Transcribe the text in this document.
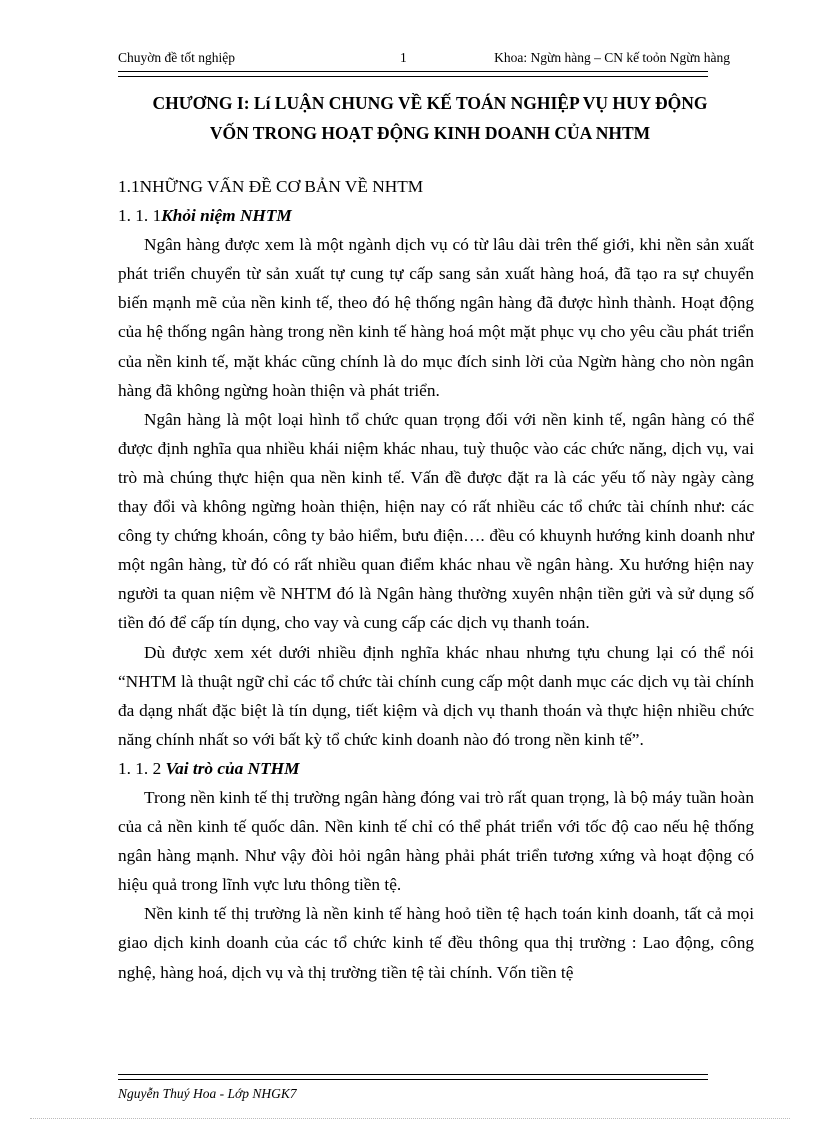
Chuyờn đề tốt nghiệp	1	Khoa: Ngừn hàng – CN kế toỏn Ngừn hàng
CHƯƠNG I: Lí LUẬN CHUNG VỀ KẾ TOÁN NGHIỆP VỤ HUY ĐỘNG
VỐN TRONG HOẠT ĐỘNG KINH DOANH CỦA NHTM

1.1NHỮNG VẤN ĐỀ CƠ BẢN VỀ NHTM

1. 1. 1Khỏi niệm NHTM

Ngân hàng được xem là một ngành dịch vụ có từ lâu dài trên thế giới, khi nền sản xuất phát triển chuyển từ sản xuất tự cung tự cấp sang sản xuất hàng hoá, đã tạo ra sự chuyển biến mạnh mẽ của nền kinh tế, theo đó hệ thống ngân hàng đã được hình thành. Hoạt động của hệ thống ngân hàng trong nền kinh tế hàng hoá một mặt phục vụ cho yêu cầu phát triển của nền kinh tế, mặt khác cũng chính là do mục đích sinh lời của Ngừn hàng cho nòn ngân hàng đã không ngừng hoàn thiện và phát triển.

Ngân hàng là một loại hình tổ chức quan trọng đối với nền kinh tế, ngân hàng có thể được định nghĩa qua nhiều khái niệm khác nhau, tuỳ thuộc vào các chức năng, dịch vụ, vai trò mà chúng thực hiện qua nền kinh tế. Vấn đề được đặt ra là các yếu tố này ngày càng thay đổi và không ngừng hoàn thiện, hiện nay có rất nhiều các tổ chức tài chính như: các công ty chứng khoán, công ty bảo hiểm, bưu điện…. đều có khuynh hướng kinh doanh như một ngân hàng, từ đó có rất nhiều quan điểm khác nhau về ngân hàng. Xu hướng hiện nay người ta quan niệm về NHTM đó là Ngân hàng thường xuyên nhận tiền gửi và sử dụng số tiền đó để cấp tín dụng, cho vay và cung cấp các dịch vụ thanh toán.

Dù được xem xét dưới nhiều định nghĩa khác nhau nhưng tựu chung lại có thể nói “NHTM là thuật ngữ chỉ các tổ chức tài chính cung cấp một danh mục các dịch vụ tài chính đa dạng nhất đặc biệt là tín dụng, tiết kiệm và dịch vụ thanh thoán và thực hiện nhiều chức năng chính nhất so với bất kỳ tổ chức kinh doanh nào đó trong nền kinh tế”.

1. 1. 2 Vai trò của NTHM

Trong nền kinh tế thị trường ngân hàng đóng vai trò rất quan trọng, là bộ máy tuần hoàn của cả nền kinh tế quốc dân. Nền kinh tế chỉ có thể phát triển với tốc độ cao nếu hệ thống ngân hàng mạnh. Như vậy đòi hỏi ngân hàng phải phát triển tương xứng và hoạt động có hiệu quả trong lĩnh vực lưu thông tiền tệ.

Nền kinh tế thị trường là nền kinh tế hàng hoỏ tiền tệ hạch toán kinh doanh, tất cả mọi giao dịch kinh doanh của các tổ chức kinh tế đều thông qua thị trường : Lao động, công nghệ, hàng hoá, dịch vụ và thị trường tiền tệ tài chính. Vốn tiền tệ

Nguyễn Thuý Hoa - Lớp NHGK7
